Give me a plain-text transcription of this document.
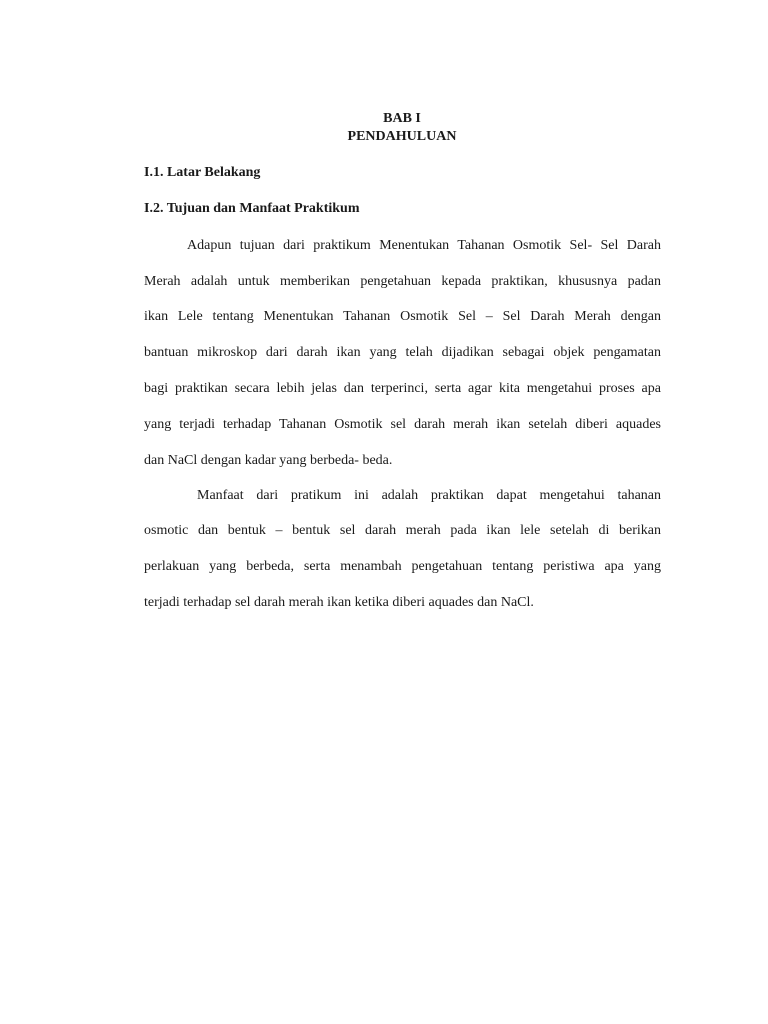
BAB I
PENDAHULUAN
I.1. Latar Belakang
I.2. Tujuan dan Manfaat Praktikum
Adapun tujuan dari praktikum Menentukan Tahanan Osmotik Sel- Sel Darah
Merah adalah untuk memberikan pengetahuan kepada praktikan, khususnya padan
ikan Lele tentang Menentukan Tahanan Osmotik Sel – Sel Darah Merah dengan
bantuan mikroskop dari darah ikan yang telah dijadikan sebagai objek pengamatan
bagi praktikan secara lebih jelas dan terperinci, serta agar kita mengetahui proses apa
yang terjadi terhadap Tahanan Osmotik sel darah merah ikan setelah diberi aquades
dan NaCl dengan kadar yang berbeda- beda.
Manfaat dari pratikum ini adalah praktikan dapat mengetahui tahanan
osmotic dan bentuk – bentuk sel darah merah pada ikan lele setelah di berikan
perlakuan yang berbeda, serta menambah pengetahuan tentang peristiwa apa yang
terjadi terhadap sel darah merah ikan ketika diberi aquades dan NaCl.
